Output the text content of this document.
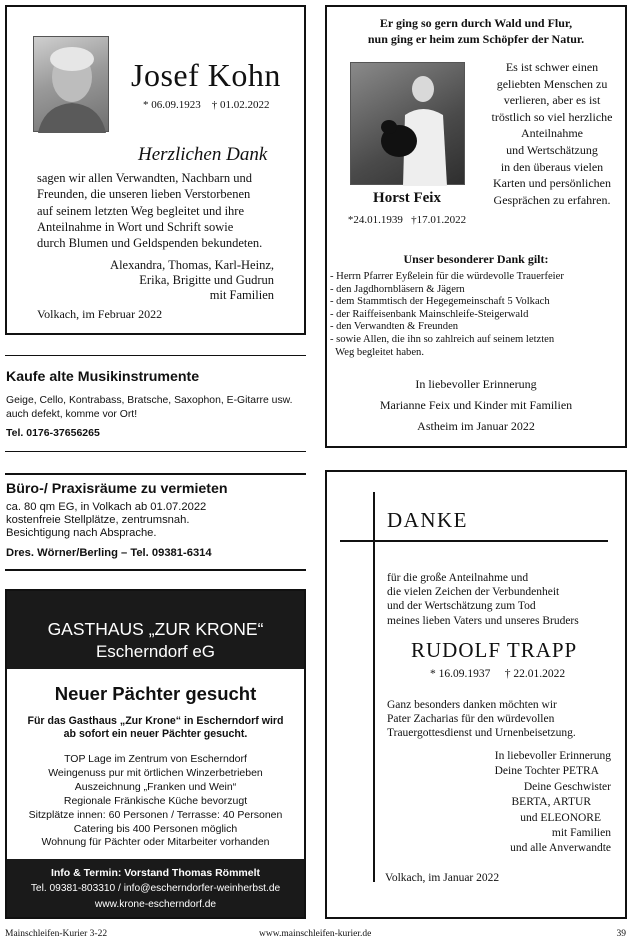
Josef Kohn
* 06.09.1923    † 01.02.2022
Herzlichen Dank
sagen wir allen Verwandten, Nachbarn und
Freunden, die unseren lieben Verstorbenen
auf seinem letzten Weg begleitet und ihre
Anteilnahme in Wort und Schrift sowie
durch Blumen und Geldspenden bekundeten.
Alexandra, Thomas, Karl-Heinz,
Erika, Brigitte und Gudrun
mit Familien
Volkach, im Februar 2022
Er ging so gern durch Wald und Flur,
nun ging er heim zum Schöpfer der Natur.
Es ist schwer einen
geliebten Menschen zu
verlieren, aber es ist
tröstlich so viel herzliche
Anteilnahme
und Wertschätzung
in den überaus vielen
Karten und persönlichen
Gesprächen zu erfahren.
Horst Feix
*24.01.1939   †17.01.2022
Unser besonderer Dank gilt:
- Herrn Pfarrer Eyßelein für die würdevolle Trauerfeier
- den Jagdhornbläsern & Jägern
- dem Stammtisch der Hegegemeinschaft 5 Volkach
- der Raiffeisenbank Mainschleife-Steigerwald
- den Verwandten & Freunden
- sowie Allen, die ihn so zahlreich auf seinem letzten
Weg begleitet haben.
In liebevoller Erinnerung
Marianne Feix und Kinder mit Familien
Astheim im Januar 2022
Kaufe alte Musikinstrumente
Geige, Cello, Kontrabass, Bratsche, Saxophon, E-Gitarre usw.
auch defekt, komme vor Ort!
Tel. 0176-37656265
Büro-/ Praxisräume zu vermieten
ca. 80 qm EG, in Volkach ab 01.07.2022
kostenfreie Stellplätze, zentrumsnah.
Besichtigung nach Absprache.
Dres. Wörner/Berling – Tel. 09381-6314
GASTHAUS „ZUR KRONE“
Escherndorf eG
Neuer Pächter gesucht
Für das Gasthaus „Zur Krone“ in Escherndorf wird
ab sofort ein neuer Pächter gesucht.
TOP Lage im Zentrum von Escherndorf
Weingenuss pur mit örtlichen Winzerbetrieben
Auszeichnung „Franken und Wein“
Regionale Fränkische Küche bevorzugt
Sitzplätze innen: 60 Personen / Terrasse: 40 Personen
Catering bis 400 Personen möglich
Wohnung für Pächter oder Mitarbeiter vorhanden
Info & Termin: Vorstand Thomas Römmelt
Tel. 09381-803310 / info@escherndorfer-weinherbst.de
www.krone-escherndorf.de
DANKE
für die große Anteilnahme und
die vielen Zeichen der Verbundenheit
und der Wertschätzung zum Tod
meines lieben Vaters und unseres Bruders
RUDOLF TRAPP
* 16.09.1937     † 22.01.2022
Ganz besonders danken möchten wir
Pater Zacharias für den würdevollen
Trauergottesdienst und Urnenbeisetzung.
In liebevoller Erinnerung
Deine Tochter PETRA
Deine Geschwister
BERTA, ARTUR
und ELEONORE
mit Familien
und alle Anverwandte
Volkach, im Januar 2022
Mainschleifen-Kurier 3-22	www.mainschleifen-kurier.de	39
